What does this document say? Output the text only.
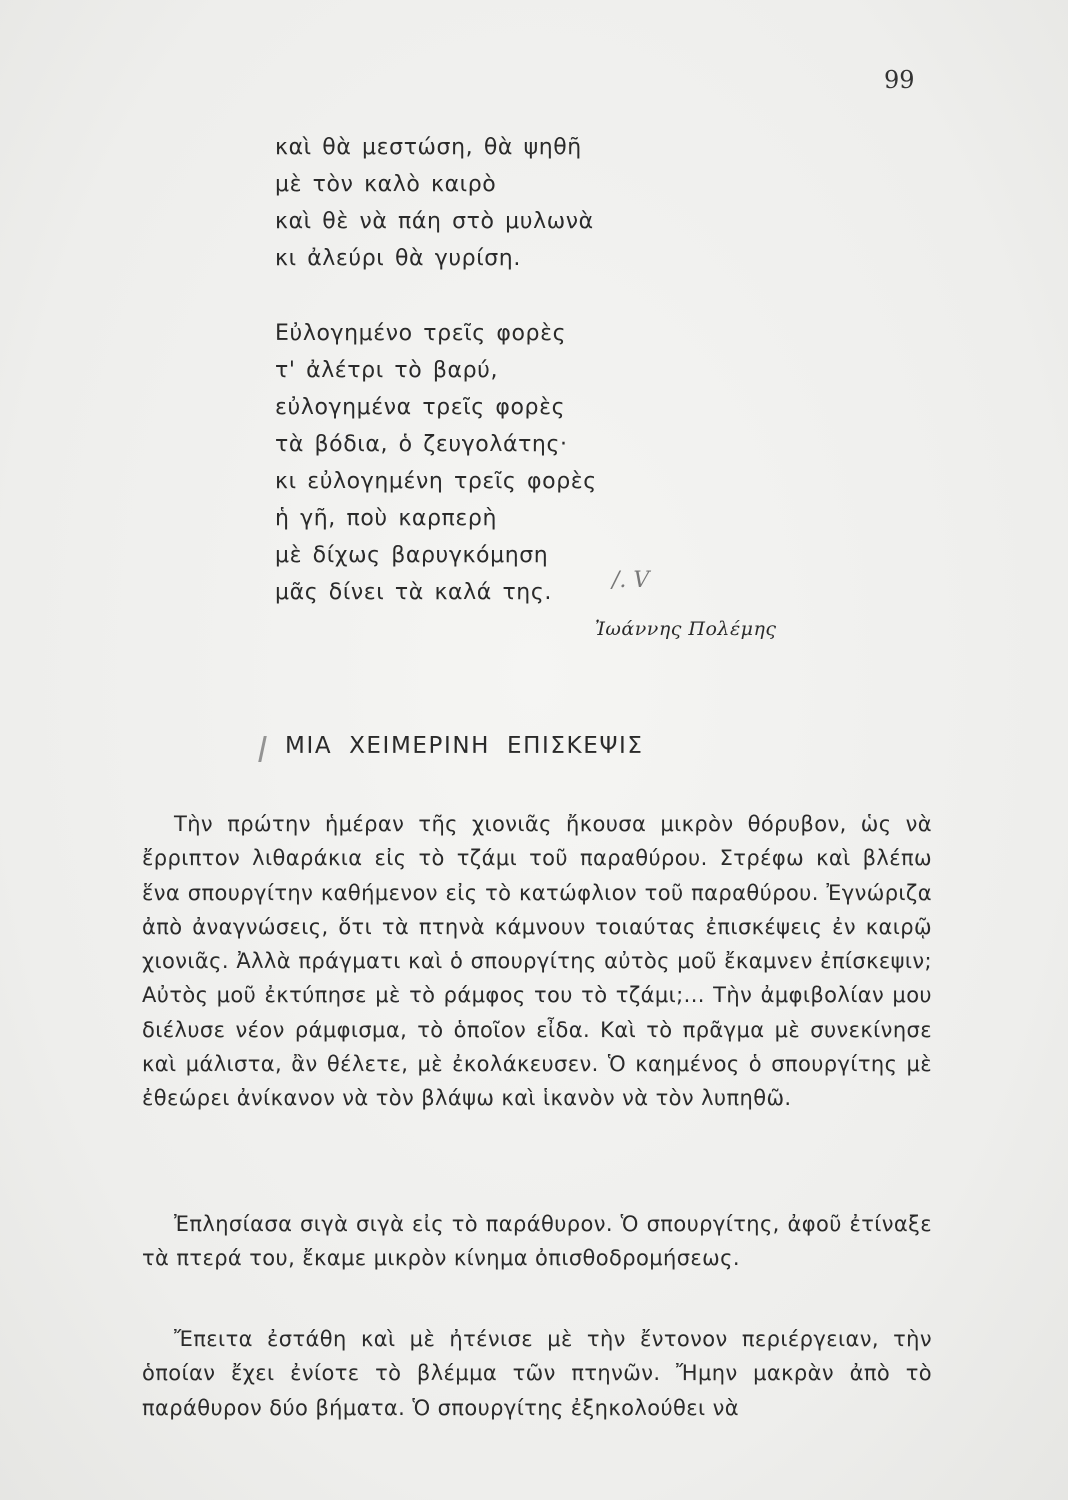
99
καὶ θὰ μεστώση, θὰ ψηθῆ
μὲ τὸν καλὸ καιρὸ
καὶ θὲ νὰ πάη στὸ μυλωνὰ
κι ἀλεύρι θὰ γυρίση.
Εὐλογημένο τρεῖς φορὲς
τ' ἀλέτρι τὸ βαρύ,
εὐλογημένα τρεῖς φορὲς
τὰ βόδια, ὁ ζευγολάτης·
κι εὐλογημένη τρεῖς φορὲς
ἡ γῆ, ποὺ καρπερὴ
μὲ δίχως βαρυγκόμηση
μᾶς δίνει τὰ καλά της.	/. V
Ἰωάννης Πολέμης
ΜΙΑ ΧΕΙΜΕΡΙΝΗ ΕΠΙΣΚΕΨΙΣ

Τὴν πρώτην ἡμέραν τῆς χιονιᾶς ἤκουσα μικρὸν θόρυβον, ὡς νὰ ἔρριπτον λιθαράκια εἰς τὸ τζάμι τοῦ παραθύρου. Στρέφω καὶ βλέπω ἕνα σπουργίτην καθήμενον εἰς τὸ κατώφλιον τοῦ παραθύρου. Ἐγνώριζα ἀπὸ ἀναγνώσεις, ὅτι τὰ πτηνὰ κάμνουν τοιαύτας ἐπισκέψεις ἐν καιρῷ χιονιᾶς. Ἀλλὰ πράγματι καὶ ὁ σπουργίτης αὐτὸς μοῦ ἔκαμνεν ἐπίσκεψιν; Αὐτὸς μοῦ ἐκτύπησε μὲ τὸ ράμφος του τὸ τζάμι;... Τὴν ἀμφιβολίαν μου διέλυσε νέον ράμφισμα, τὸ ὁποῖον εἶδα. Καὶ τὸ πρᾶγμα μὲ συνεκίνησε καὶ μάλιστα, ἂν θέλετε, μὲ ἐκολάκευσεν. Ὁ καημένος ὁ σπουργίτης μὲ ἐθεώρει ἀνίκανον νὰ τὸν βλάψω καὶ ἱκανὸν νὰ τὸν λυπηθῶ.

Ἐπλησίασα σιγὰ σιγὰ εἰς τὸ παράθυρον. Ὁ σπουργίτης, ἀφοῦ ἐτίναξε τὰ πτερά του, ἔκαμε μικρὸν κίνημα ὀπισθοδρομήσεως.

Ἔπειτα ἐστάθη καὶ μὲ ἠτένισε μὲ τὴν ἔντονον περιέργειαν, τὴν ὁποίαν ἔχει ἐνίοτε τὸ βλέμμα τῶν πτηνῶν. Ἤμην μακρὰν ἀπὸ τὸ παράθυρον δύο βήματα. Ὁ σπουργίτης ἐξηκολούθει νὰ
